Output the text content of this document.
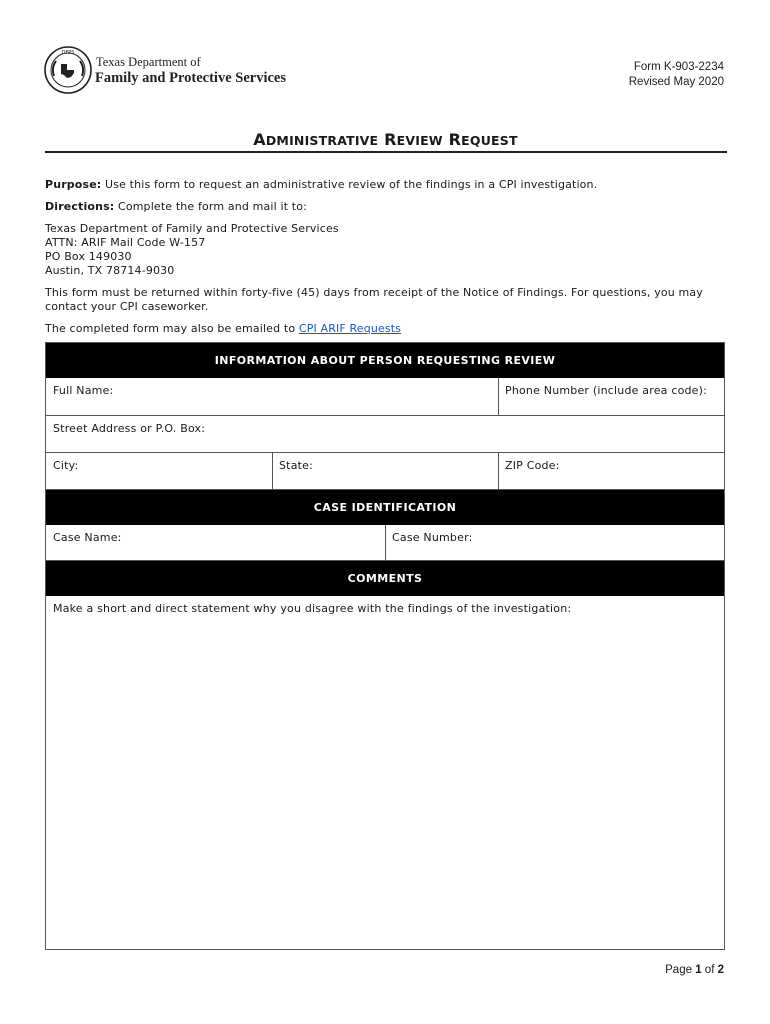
DFPS
Texas Department of
Family and Protective Services
Form K-903-2234
Revised May 2020
ADMINISTRATIVE REVIEW REQUEST
Purpose: Use this form to request an administrative review of the findings in a CPI investigation.
Directions: Complete the form and mail it to:
Texas Department of Family and Protective Services
ATTN: ARIF Mail Code W-157
PO Box 149030
Austin, TX 78714-9030
This form must be returned within forty-five (45) days from receipt of the Notice of Findings. For questions, you may
contact your CPI caseworker.
The completed form may also be emailed to CPI ARIF Requests
INFORMATION ABOUT PERSON REQUESTING REVIEW
Full Name:	Phone Number (include area code):
Street Address or P.O. Box:
City:	State:	ZIP Code:
CASE IDENTIFICATION
Case Name:	Case Number:
COMMENTS
Make a short and direct statement why you disagree with the findings of the investigation:
Page 1 of 2
